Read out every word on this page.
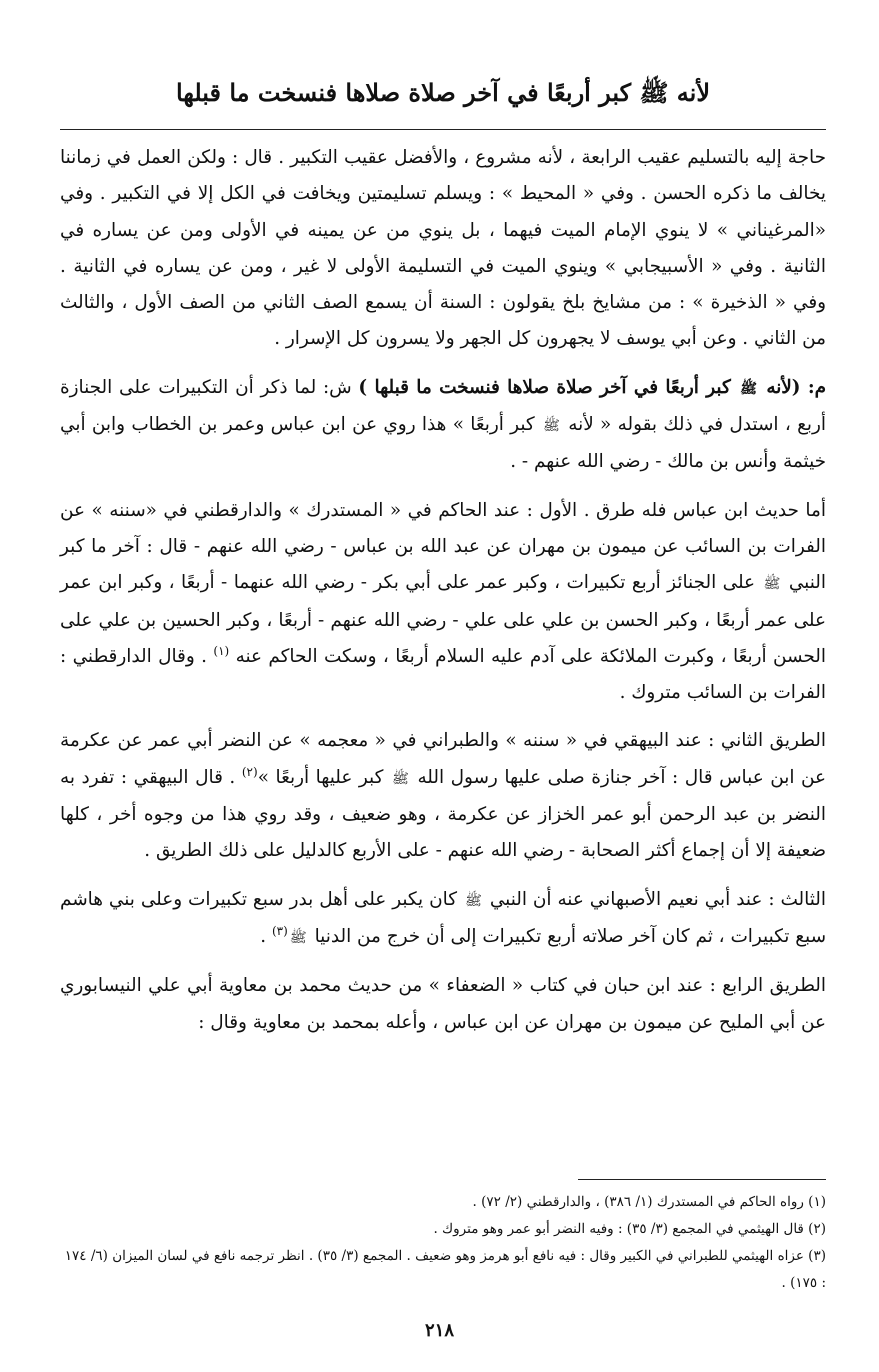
لأنه ﷺ كبر أربعًا في آخر صلاة صلاها فنسخت ما قبلها

حاجة إليه بالتسليم عقيب الرابعة ، لأنه مشروع ، والأفضل عقيب التكبير . قال : ولكن العمل في زماننا يخالف ما ذكره الحسن . وفي « المحيط » : ويسلم تسليمتين ويخافت في الكل إلا في التكبير . وفي «المرغيناني » لا ينوي الإمام الميت فيهما ، بل ينوي من عن يمينه في الأولى ومن عن يساره في الثانية . وفي « الأسبيجابي » وينوي الميت في التسليمة الأولى لا غير ، ومن عن يساره في الثانية . وفي « الذخيرة » : من مشايخ بلخ يقولون : السنة أن يسمع الصف الثاني من الصف الأول ، والثالث من الثاني . وعن أبي يوسف لا يجهرون كل الجهر ولا يسرون كل الإسرار .

م: (لأنه ﷺ كبر أربعًا في آخر صلاة صلاها فنسخت ما قبلها ) ش: لما ذكر أن التكبيرات على الجنازة أربع ، استدل في ذلك بقوله « لأنه ﷺ كبر أربعًا » هذا روي عن ابن عباس وعمر بن الخطاب وابن أبي خيثمة وأنس بن مالك - رضي الله عنهم - .

أما حديث ابن عباس فله طرق . الأول : عند الحاكم في « المستدرك » والدارقطني في «سننه » عن الفرات بن السائب عن ميمون بن مهران عن عبد الله بن عباس - رضي الله عنهم - قال : آخر ما كبر النبي ﷺ على الجنائز أربع تكبيرات ، وكبر عمر على أبي بكر - رضي الله عنهما - أربعًا ، وكبر ابن عمر على عمر أربعًا ، وكبر الحسن بن علي على علي - رضي الله عنهم - أربعًا ، وكبر الحسين بن علي على الحسن أربعًا ، وكبرت الملائكة على آدم عليه السلام أربعًا ، وسكت الحاكم عنه $^{(١)}$ . وقال الدارقطني : الفرات بن السائب متروك .

الطريق الثاني : عند البيهقي في « سننه » والطبراني في « معجمه » عن النضر أبي عمر عن عكرمة عن ابن عباس قال : آخر جنازة صلى عليها رسول الله ﷺ كبر عليها أربعًا »$^{(٢)}$ . قال البيهقي : تفرد به النضر بن عبد الرحمن أبو عمر الخزاز عن عكرمة ، وهو ضعيف ، وقد روي هذا من وجوه أخر ، كلها ضعيفة إلا أن إجماع أكثر الصحابة - رضي الله عنهم - على الأربع كالدليل على ذلك الطريق .

الثالث : عند أبي نعيم الأصبهاني عنه أن النبي ﷺ كان يكبر على أهل بدر سبع تكبيرات وعلى بني هاشم سبع تكبيرات ، ثم كان آخر صلاته أربع تكبيرات إلى أن خرج من الدنيا ﷺ$^{(٣)}$ .

الطريق الرابع : عند ابن حبان في كتاب « الضعفاء » من حديث محمد بن معاوية أبي علي النيسابوري عن أبي المليح عن ميمون بن مهران عن ابن عباس ، وأعله بمحمد بن معاوية وقال :

(١) رواه الحاكم في المستدرك (١/ ٣٨٦) ، والدارقطني (٢/ ٧٢) .

(٢) قال الهيثمي في المجمع (٣/ ٣٥) : وفيه النضر أبو عمر وهو متروك .

(٣) عزاه الهيثمي للطبراني في الكبير وقال : فيه نافع أبو هرمز وهو ضعيف . المجمع (٣/ ٣٥) . انظر ترجمه نافع في لسان الميزان (٦/ ١٧٤ : ١٧٥) .

٢١٨
